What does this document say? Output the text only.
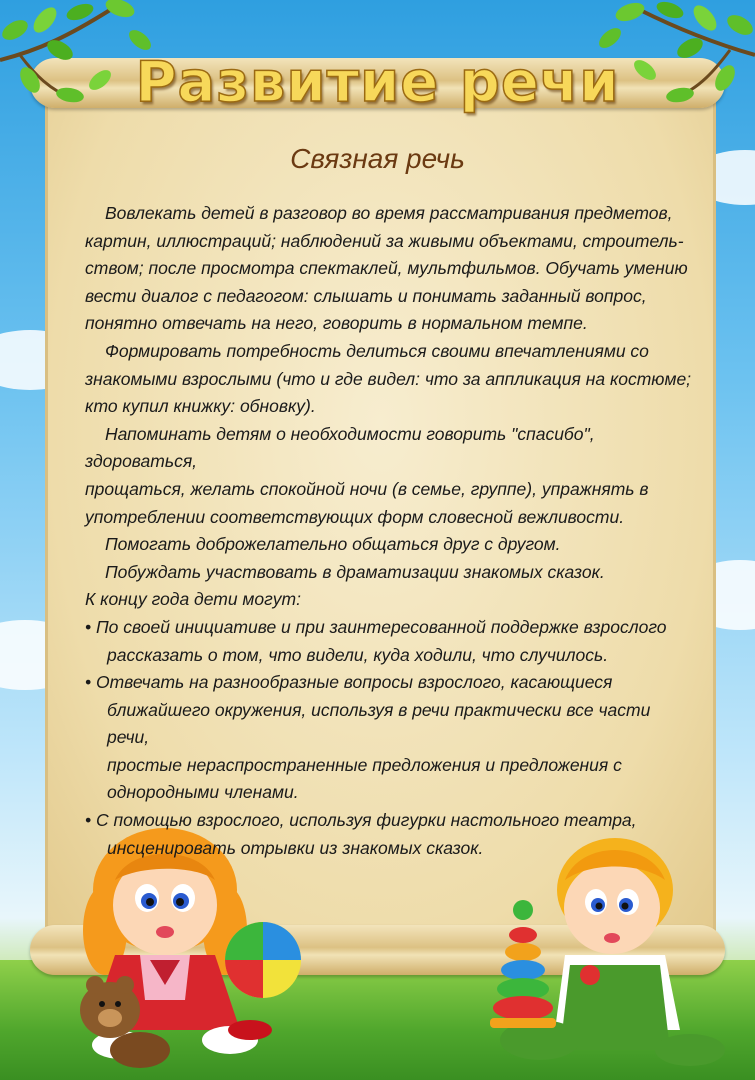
Развитие речи
Связная речь

Вовлекать детей в разговор во время рассматривания предметов,
картин, иллюстраций; наблюдений за живыми объектами, строитель-
ством; после просмотра спектаклей, мультфильмов. Обучать умению
вести диалог с педагогом: слышать и понимать заданный вопрос,
понятно отвечать на него, говорить в нормальном темпе.

Формировать потребность делиться своими впечатлениями со
знакомыми взрослыми (что и где видел: что за аппликация на костюме;
кто купил книжку: обновку).

Напоминать детям о необходимости говорить "спасибо", здороваться,
прощаться, желать спокойной ночи (в семье, группе), упражнять в
употреблении соответствующих форм словесной вежливости.

Помогать доброжелательно общаться друг с другом.

Побуждать участвовать в драматизации знакомых сказок.

К концу года дети могут:

• По своей инициативе и при заинтересованной поддержке взрослого
рассказать о том, что видели, куда ходили, что случилось.

• Отвечать на разнообразные вопросы взрослого, касающиеся
ближайшего окружения, используя в речи практически все части речи,
простые нераспространенные предложения и предложения с
однородными членами.

• С помощью взрослого, используя фигурки настольного театра,
инсценировать отрывки из знакомых сказок.
